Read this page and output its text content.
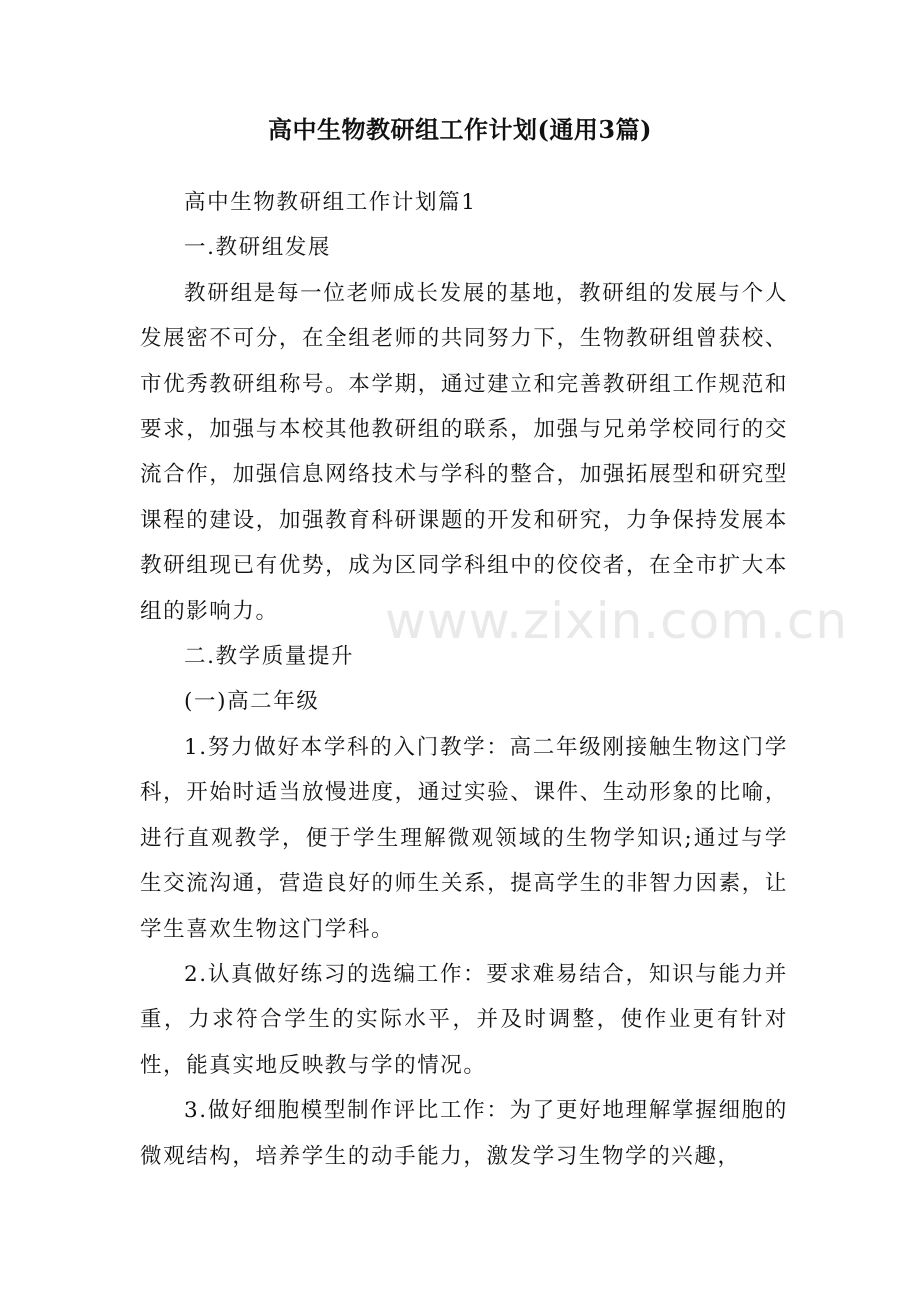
高中生物教研组工作计划(通用3篇)

高中生物教研组工作计划篇1

一.教研组发展

教研组是每一位老师成长发展的基地，教研组的发展与个人发展密不可分，在全组老师的共同努力下，生物教研组曾获校、市优秀教研组称号。本学期，通过建立和完善教研组工作规范和要求，加强与本校其他教研组的联系，加强与兄弟学校同行的交流合作，加强信息网络技术与学科的整合，加强拓展型和研究型课程的建设，加强教育科研课题的开发和研究，力争保持发展本教研组现已有优势，成为区同学科组中的佼佼者，在全市扩大本组的影响力。

二.教学质量提升

(一)高二年级

1.努力做好本学科的入门教学：高二年级刚接触生物这门学科，开始时适当放慢进度，通过实验、课件、生动形象的比喻，进行直观教学，便于学生理解微观领域的生物学知识;通过与学生交流沟通，营造良好的师生关系，提高学生的非智力因素，让学生喜欢生物这门学科。

2.认真做好练习的选编工作：要求难易结合，知识与能力并重，力求符合学生的实际水平，并及时调整，使作业更有针对性，能真实地反映教与学的情况。

3.做好细胞模型制作评比工作：为了更好地理解掌握细胞的微观结构，培养学生的动手能力，激发学习生物学的兴趣，

www.zixin.com.cn
